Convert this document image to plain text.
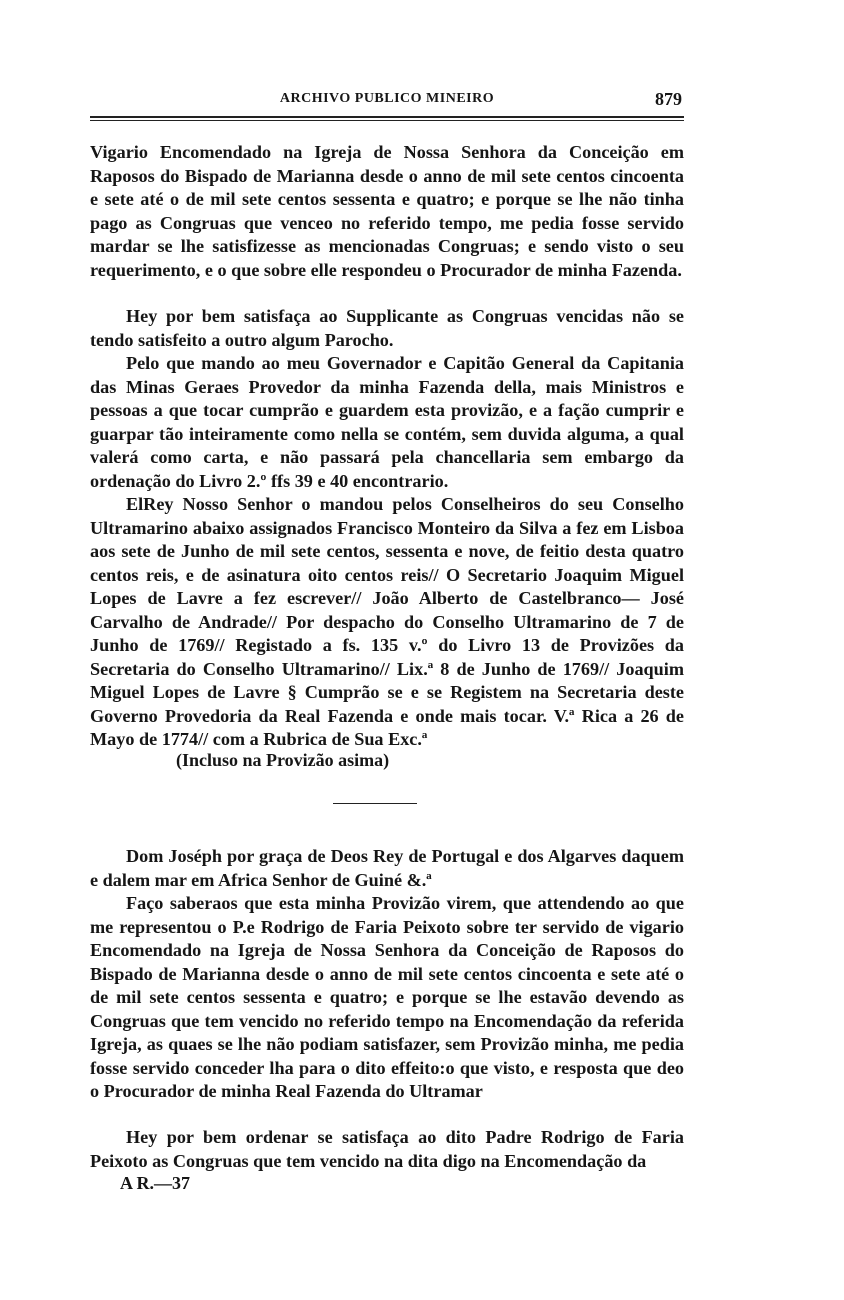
ARCHIVO PUBLICO MINEIRO	879

Vigario Encomendado na Igreja de Nossa Senhora da Conceição em Raposos do Bispado de Marianna desde o anno de mil sete centos cincoenta e sete até o de mil sete centos sessenta e quatro; e porque se lhe não tinha pago as Congruas que venceo no referido tempo, me pedia fosse servido mardar se lhe satisfizesse as mencionadas Congruas; e sendo visto o seu requerimento, e o que sobre elle respondeu o Procurador de minha Fazenda.

Hey por bem satisfaça ao Supplicante as Congruas vencidas não se tendo satisfeito a outro algum Parocho.

Pelo que mando ao meu Governador e Capitão General da Capitania das Minas Geraes Provedor da minha Fazenda della, mais Ministros e pessoas a que tocar cumprão e guardem esta provizão, e a fação cumprir e guarpar tão inteiramente como nella se contém, sem duvida alguma, a qual valerá como carta, e não passará pela chancellaria sem embargo da ordenação do Livro 2.º ffs 39 e 40 encontrario.

ElRey Nosso Senhor o mandou pelos Conselheiros do seu Conselho Ultramarino abaixo assignados Francisco Monteiro da Silva a fez em Lisboa aos sete de Junho de mil sete centos, sessenta e nove, de feitio desta quatro centos reis, e de asinatura oito centos reis// O Secretario Joaquim Miguel Lopes de Lavre a fez escrever// João Alberto de Castelbranco— José Carvalho de Andrade// Por despacho do Conselho Ultramarino de 7 de Junho de 1769// Registado a fs. 135 v.º do Livro 13 de Provizões da Secretaria do Conselho Ultramarino// Lix.ª 8 de Junho de 1769// Joaquim Miguel Lopes de Lavre § Cumprão se e se Registem na Secretaria deste Governo Provedoria da Real Fazenda e onde mais tocar. V.ª Rica a 26 de Mayo de 1774// com a Rubrica de Sua Exc.ª

(Incluso na Provizão asima)

Dom Joséph por graça de Deos Rey de Portugal e dos Algarves daquem e dalem mar em Africa Senhor de Guiné &.ª

Faço saberaos que esta minha Provizão virem, que attendendo ao que me representou o P.e Rodrigo de Faria Peixoto sobre ter servido de vigario Encomendado na Igreja de Nossa Senhora da Conceição de Raposos do Bispado de Marianna desde o anno de mil sete centos cincoenta e sete até o de mil sete centos sessenta e quatro; e porque se lhe estavão devendo as Congruas que tem vencido no referido tempo na Encomendação da referida Igreja, as quaes se lhe não podiam satisfazer, sem Provizão minha, me pedia fosse servido conceder lha para o dito effeito:o que visto, e resposta que deo o Procurador de minha Real Fazenda do Ultramar

Hey por bem ordenar se satisfaça ao dito Padre Rodrigo de Faria Peixoto as Congruas que tem vencido na dita digo na Encomendação da

A R.—37
